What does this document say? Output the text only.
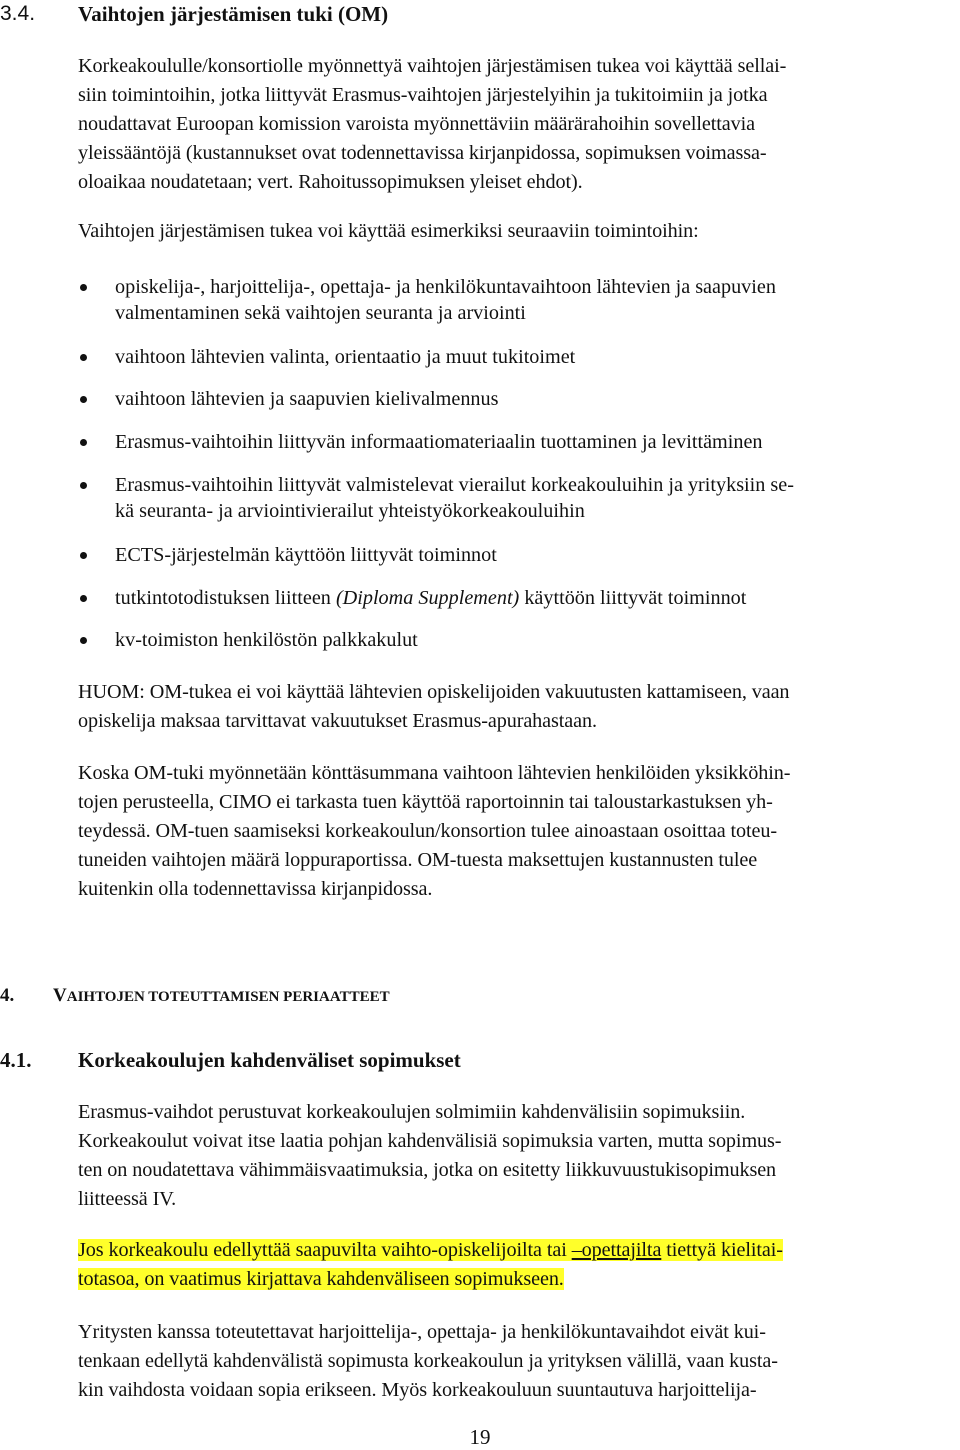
3.4. Vaihtojen järjestämisen tuki (OM)
Korkeakoululle/konsortiolle myönnettyä vaihtojen järjestämisen tukea voi käyttää sellai-
siin toimintoihin, jotka liittyvät Erasmus-vaihtojen järjestelyihin ja tukitoimiin ja jotka
noudattavat Euroopan komission varoista myönnettäviin määrärahoihin sovellettavia
yleissääntöjä (kustannukset ovat todennettavissa kirjanpidossa, sopimuksen voimassa-
oloaikaa noudatetaan; vert. Rahoitussopimuksen yleiset ehdot).
Vaihtojen järjestämisen tukea voi käyttää esimerkiksi seuraaviin toimintoihin:
opiskelija-, harjoittelija-, opettaja- ja henkilökuntavaihtoon lähtevien ja saapuvien
valmentaminen sekä vaihtojen seuranta ja arviointi
vaihtoon lähtevien valinta, orientaatio ja muut tukitoimet
vaihtoon lähtevien ja saapuvien kielivalmennus
Erasmus-vaihtoihin liittyvän informaatiomateriaalin tuottaminen ja levittäminen
Erasmus-vaihtoihin liittyvät valmistelevat vierailut korkeakouluihin ja yrityksiin se-
kä seuranta- ja arviointivierailut yhteistyökorkeakouluihin
ECTS-järjestelmän käyttöön liittyvät toiminnot
tutkintotodistuksen liitteen (Diploma Supplement) käyttöön liittyvät toiminnot
kv-toimiston henkilöstön palkkakulut
HUOM: OM-tukea ei voi käyttää lähtevien opiskelijoiden vakuutusten kattamiseen, vaan
opiskelija maksaa tarvittavat vakuutukset Erasmus-apurahastaan.
Koska OM-tuki myönnetään könttäsummana vaihtoon lähtevien henkilöiden yksikköhin-
tojen perusteella, CIMO ei tarkasta tuen käyttöä raportoinnin tai taloustarkastuksen yh-
teydessä. OM-tuen saamiseksi korkeakoulun/konsortion tulee ainoastaan osoittaa toteu-
tuneiden vaihtojen määrä loppuraportissa. OM-tuesta maksettujen kustannusten tulee
kuitenkin olla todennettavissa kirjanpidossa.
4. VAIHTOJEN TOTEUTTAMISEN PERIAATTEET
4.1. Korkeakoulujen kahdenväliset sopimukset
Erasmus-vaihdot perustuvat korkeakoulujen solmimiin kahdenvälisiin sopimuksiin.
Korkeakoulut voivat itse laatia pohjan kahdenvälisiä sopimuksia varten, mutta sopimus-
ten on noudatettava vähimmäisvaatimuksia, jotka on esitetty liikkuvuustukisopimuksen
liitteessä IV.
Jos korkeakoulu edellyttää saapuvilta vaihto-opiskelijoilta tai –opettajilta tiettyä kielitai-
totasoa, on vaatimus kirjattava kahdenväliseen sopimukseen.
Yritysten kanssa toteutettavat harjoittelija-, opettaja- ja henkilökuntavaihdot eivät kui-
tenkaan edellytä kahdenvälistä sopimusta korkeakoulun ja yrityksen välillä, vaan kusta-
kin vaihdosta voidaan sopia erikseen. Myös korkeakouluun suuntautuva harjoittelija-
19
